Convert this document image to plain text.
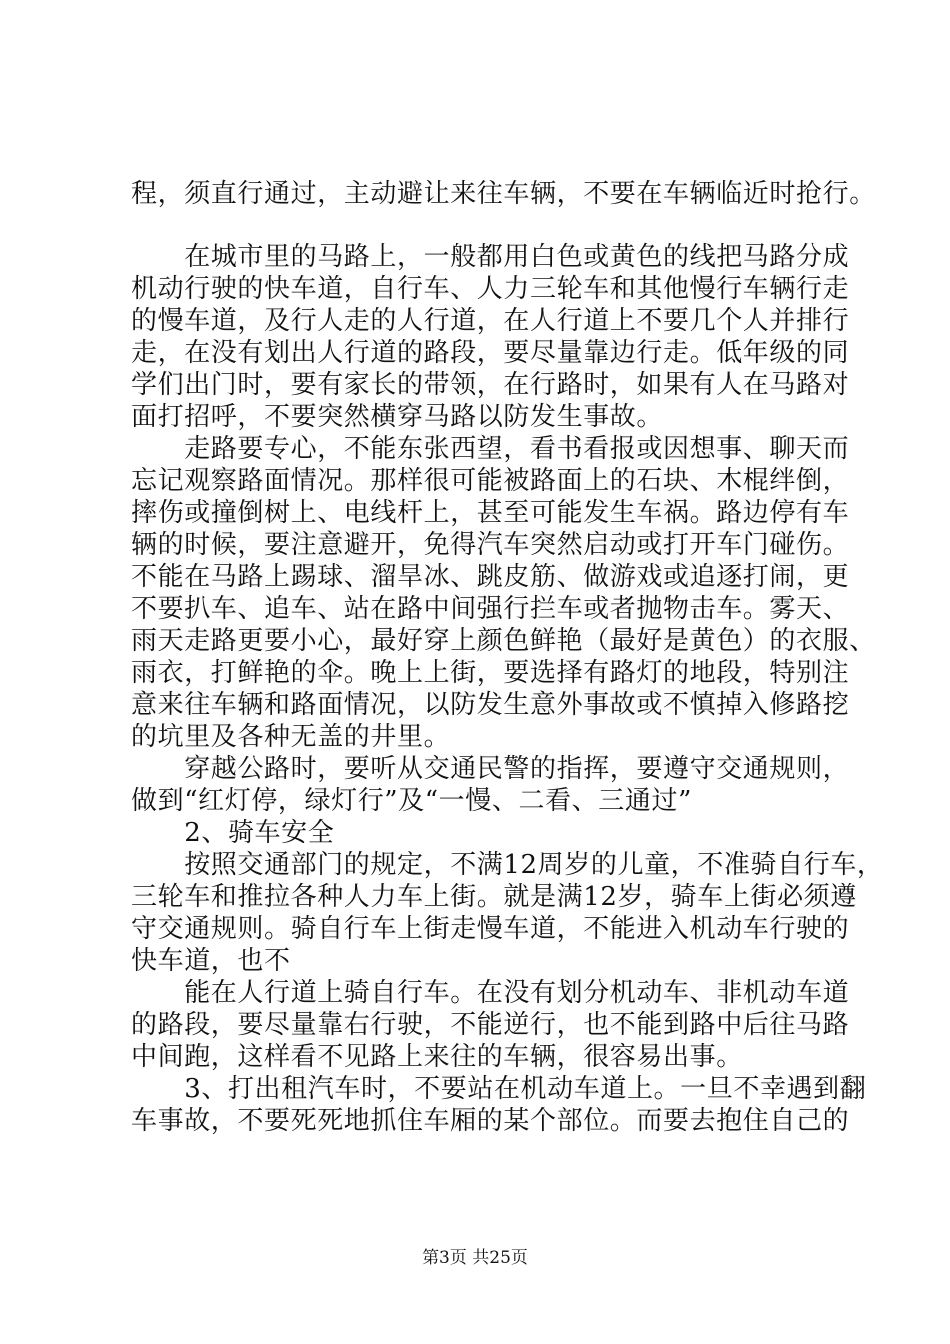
程，须直行通过，主动避让来往车辆，不要在车辆临近时抢行。
　　在城市里的马路上，一般都用白色或黄色的线把马路分成
机动行驶的快车道，自行车、人力三轮车和其他慢行车辆行走
的慢车道，及行人走的人行道，在人行道上不要几个人并排行
走，在没有划出人行道的路段，要尽量靠边行走。低年级的同
学们出门时，要有家长的带领，在行路时，如果有人在马路对
面打招呼，不要突然横穿马路以防发生事故。
　　走路要专心，不能东张西望，看书看报或因想事、聊天而
忘记观察路面情况。那样很可能被路面上的石块、木棍绊倒，
摔伤或撞倒树上、电线杆上，甚至可能发生车祸。路边停有车
辆的时候，要注意避开，免得汽车突然启动或打开车门碰伤。
不能在马路上踢球、溜旱冰、跳皮筋、做游戏或追逐打闹，更
不要扒车、追车、站在路中间强行拦车或者抛物击车。雾天、
雨天走路更要小心，最好穿上颜色鲜艳（最好是黄色）的衣服、
雨衣，打鲜艳的伞。晚上上街，要选择有路灯的地段，特别注
意来往车辆和路面情况，以防发生意外事故或不慎掉入修路挖
的坑里及各种无盖的井里。
　　穿越公路时，要听从交通民警的指挥，要遵守交通规则，
做到“红灯停，绿灯行”及“一慢、二看、三通过”
　　2、骑车安全
　　按照交通部门的规定，不满12周岁的儿童，不准骑自行车，
三轮车和推拉各种人力车上街。就是满12岁，骑车上街必须遵
守交通规则。骑自行车上街走慢车道，不能进入机动车行驶的
快车道，也不
　　能在人行道上骑自行车。在没有划分机动车、非机动车道
的路段，要尽量靠右行驶，不能逆行，也不能到路中后往马路
中间跑，这样看不见路上来往的车辆，很容易出事。
　　3、打出租汽车时，不要站在机动车道上。一旦不幸遇到翻
车事故，不要死死地抓住车厢的某个部位。而要去抱住自己的
第3页 共25页
